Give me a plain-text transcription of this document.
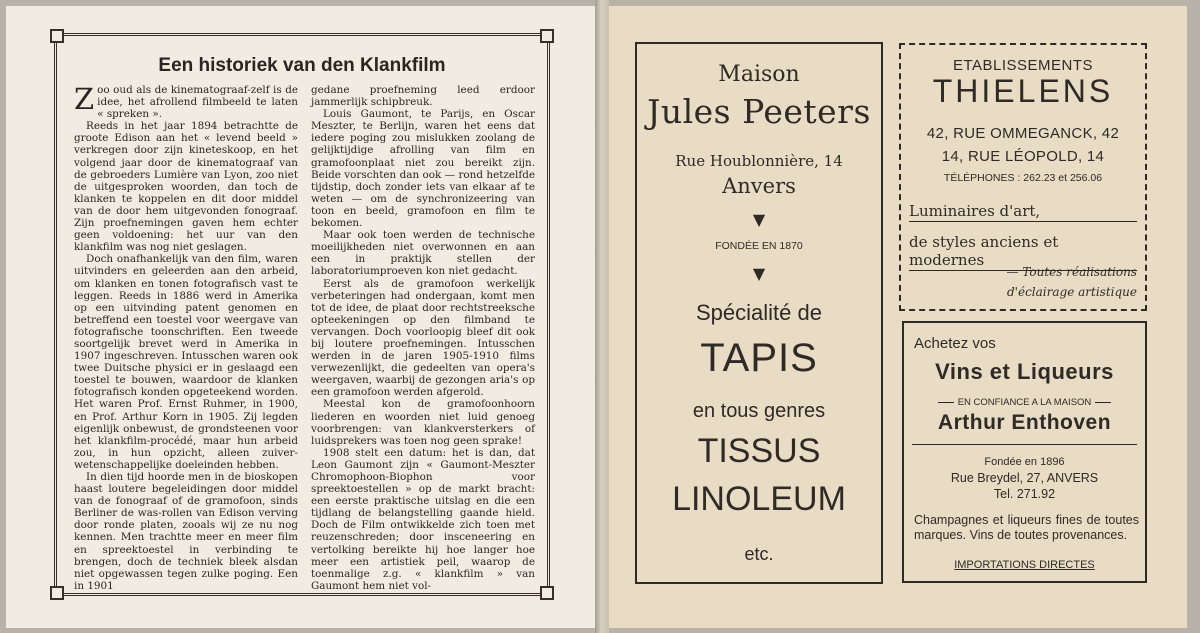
Een historiek van den Klankfilm

Zoo oud als de kinematograaf-zelf is de idee, het afrollend filmbeeld te laten « spreken ».

Reeds in het jaar 1894 betrachtte de groote Edison aan het « levend beeld » verkregen door zijn kineteskoop, en het volgend jaar door de kinematograaf van de gebroeders Lumière van Lyon, zoo niet de uitgesproken woorden, dan toch de klanken te koppelen en dit door middel van de door hem uitgevonden fonograaf. Zijn proefnemingen gaven hem echter geen voldoening: het uur van den klankfilm was nog niet geslagen.

Doch onafhankelijk van den film, waren uitvinders en geleerden aan den arbeid, om klanken en tonen fotografisch vast te leggen. Reeds in 1886 werd in Amerika op een uitvinding patent genomen en betreffend een toestel voor weergave van fotografische toonschriften. Een tweede soortgelijk brevet werd in Amerika in 1907 ingeschreven. Intusschen waren ook twee Duitsche physici er in geslaagd een toestel te bouwen, waardoor de klanken fotografisch konden opgeteekend worden. Het waren Prof. Ernst Ruhmer, in 1900, en Prof. Arthur Korn in 1905. Zij legden eigenlijk onbewust, de grondsteenen voor het klankfilm-procédé, maar hun arbeid zou, in hun opzicht, alleen zuiver-wetenschappelijke doeleinden hebben.

In dien tijd hoorde men in de bioskopen haast loutere begeleidingen door middel van de fonograaf of de gramofoon, sinds Berliner de was-rollen van Edison verving door ronde platen, zooals wij ze nu nog kennen. Men trachtte meer en meer film en spreektoestel in verbinding te brengen, doch de techniek bleek alsdan niet opgewassen tegen zulke poging. Een in 1901

gedane proefneming leed erdoor jammerlijk schipbreuk.

Louis Gaumont, te Parijs, en Oscar Meszter, te Berlijn, waren het eens dat iedere poging zou mislukken zoolang de gelijktijdige afrolling van film en gramofoonplaat niet zou bereikt zijn. Beide vorschten dan ook — rond hetzelfde tijdstip, doch zonder iets van elkaar af te weten — om de synchronizeering van toon en beeld, gramofoon en film te bekomen.

Maar ook toen werden de technische moeilijkheden niet overwonnen en aan een in praktijk stellen der laboratoriumproeven kon niet gedacht.

Eerst als de gramofoon werkelijk verbeteringen had ondergaan, komt men tot de idee, de plaat door rechtstreeksche opteekeningen op den filmband te vervangen. Doch voorloopig bleef dit ook bij loutere proefnemingen. Intusschen werden in de jaren 1905-1910 films verwezenlijkt, die gedeelten van opera's weergaven, waarbij de gezongen aria's op een gramofoon werden afgerold.

Meestal kon de gramofoonhoorn liederen en woorden niet luid genoeg voorbrengen: van klankversterkers of luidsprekers was toen nog geen sprake!

1908 stelt een datum: het is dan, dat Leon Gaumont zijn « Gaumont-Meszter Chromophoon-Biophon voor spreektoestellen » op de markt bracht: een eerste praktische uitslag en die een tijdlang de belangstelling gaande hield. Doch de Film ontwikkelde zich toen met reuzenschreden; door insceneering en vertolking bereikte hij hoe langer hoe meer een artistiek peil, waarop de toenmalige z.g. « klankfilm » van Gaumont hem niet vol-

Maison
Jules Peeters
Rue Houblonnière, 14
Anvers
▼
FONDÉE EN 1870
▼
Spécialité de
TAPIS
en tous genres
TISSUS
LINOLEUM
etc.
ETABLISSEMENTS
THIELENS
42, RUE OMMEGANCK, 42
14, RUE LÉOPOLD, 14
TÉLÉPHONES : 262.23 et 256.06
Luminaires d'art,
de styles anciens et modernes
— Toutes réalisations
d'éclairage artistique
Achetez vos
Vins et Liqueurs
EN CONFIANCE A LA MAISON
Arthur Enthoven
Fondée en 1896
Rue Breydel, 27, ANVERS
Tel. 271.92
Champagnes et liqueurs fines de toutes marques. Vins de toutes provenances.
IMPORTATIONS DIRECTES
